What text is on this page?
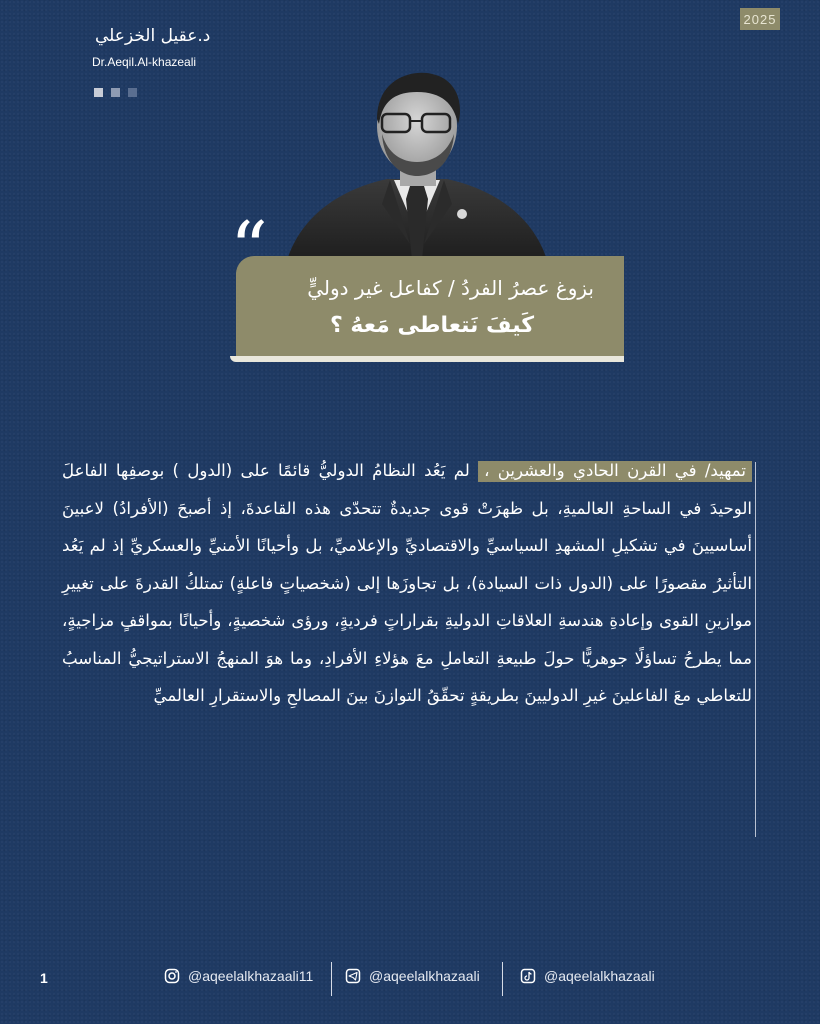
2025
د.عقيل الخزعلي
Dr.Aeqil.Al-khazeali
“	بزوغ عصرُ الفردُ / كفاعل غير دوليٍّ
كَيفَ نَتعاطى مَعهُ ؟

تمهيد/ في القرن الحادي والعشرين ، لم يَعُد النظامُ الدوليُّ قائمًا على (الدول ) بوصفِها الفاعلَ الوحيدَ في الساحةِ العالميةِ، بل ظهرَتْ قوى جديدةٌ تتحدّى هذه القاعدةَ، إذ أصبحَ (الأفرادُ) لاعبينَ أساسيينَ في تشكيلِ المشهدِ السياسيِّ والاقتصاديِّ والإعلاميِّ، بل وأحيانًا الأمنيِّ والعسكريِّ إذ لم يَعُد التأثيرُ مقصورًا على (الدول ذات السيادة)، بل تجاوزَها إلى (شخصياتٍ فاعلةٍ) تمتلكُ القدرةَ على تغييرِ موازينِ القوى وإعادةِ هندسةِ العلاقاتِ الدوليةِ بقراراتٍ فرديةٍ، ورؤى شخصيةٍ، وأحيانًا بمواقفٍ مزاجيةٍ، مما يطرحُ تساؤلًا جوهريًّا حولَ طبيعةِ التعاملِ معَ هؤلاءِ الأفرادِ، وما هوَ المنهجُ الاستراتيجيُّ المناسبُ للتعاطي معَ الفاعلينَ غيرِ الدوليينَ بطريقةٍ تحقّقُ التوازنَ بينَ المصالحِ والاستقرارِ العالميِّ

1	@aqeelalkhazaali11	@aqeelalkhazaali	@aqeelalkhazaali
